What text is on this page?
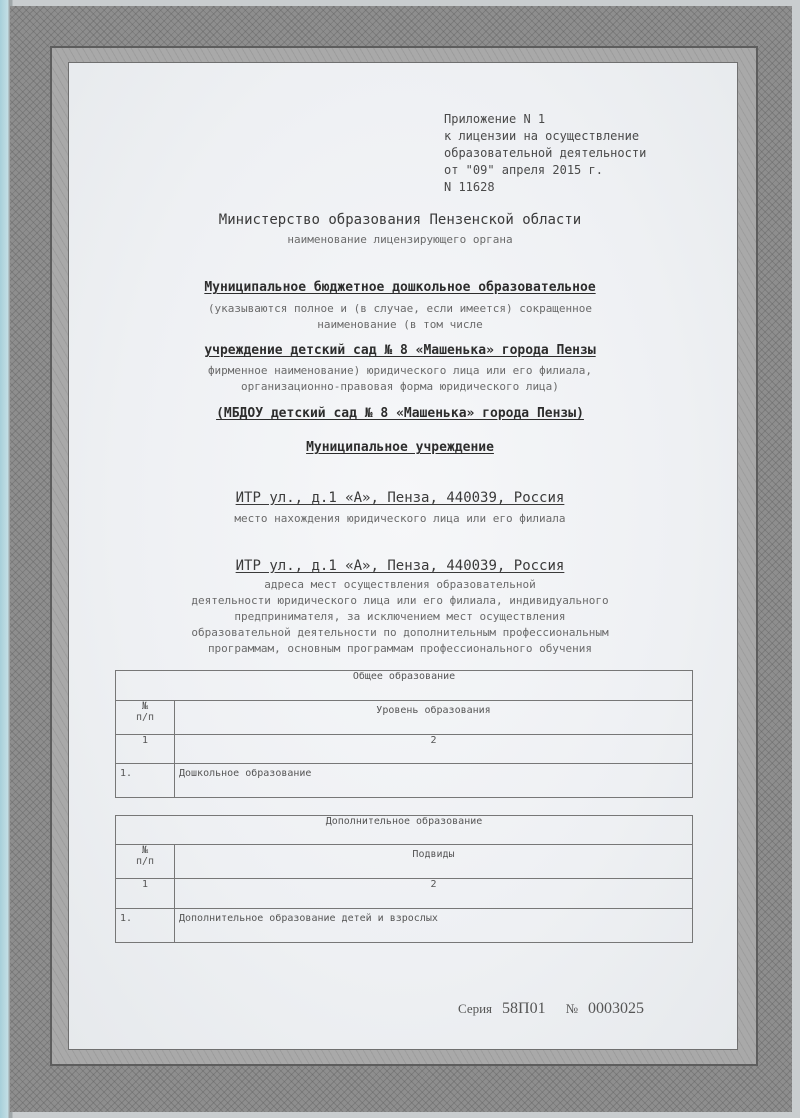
Приложение N 1
к лицензии на осуществление
образовательной деятельности
от "09" апреля 2015 г.
N 11628
Министерство образования Пензенской области
наименование лицензирующего органа
Муниципальное бюджетное дошкольное образовательное
(указываются полное и (в случае, если имеется) сокращенное
наименование (в том числе
учреждение детский сад № 8 «Машенька» города Пензы
фирменное наименование) юридического лица или его филиала,
организационно-правовая форма юридического лица)
(МБДОУ детский сад № 8 «Машенька» города Пензы)
Муниципальное учреждение
ИТР ул., д.1 «А», Пенза, 440039, Россия
место нахождения юридического лица или его филиала
ИТР ул., д.1 «А», Пенза, 440039, Россия
адреса мест осуществления образовательной
деятельности юридического лица или его филиала, индивидуального
предпринимателя, за исключением мест осуществления
образовательной деятельности по дополнительным профессиональным
программам, основным программам профессионального обучения
Общее образование	

№
п/п	Уровень образования
1	2
1.	Дошкольное образование
Дополнительное образование	

№
п/п	Подвиды
1	2
1.	Дополнительное образование детей и взрослых
Серия 58П01 № 0003025
